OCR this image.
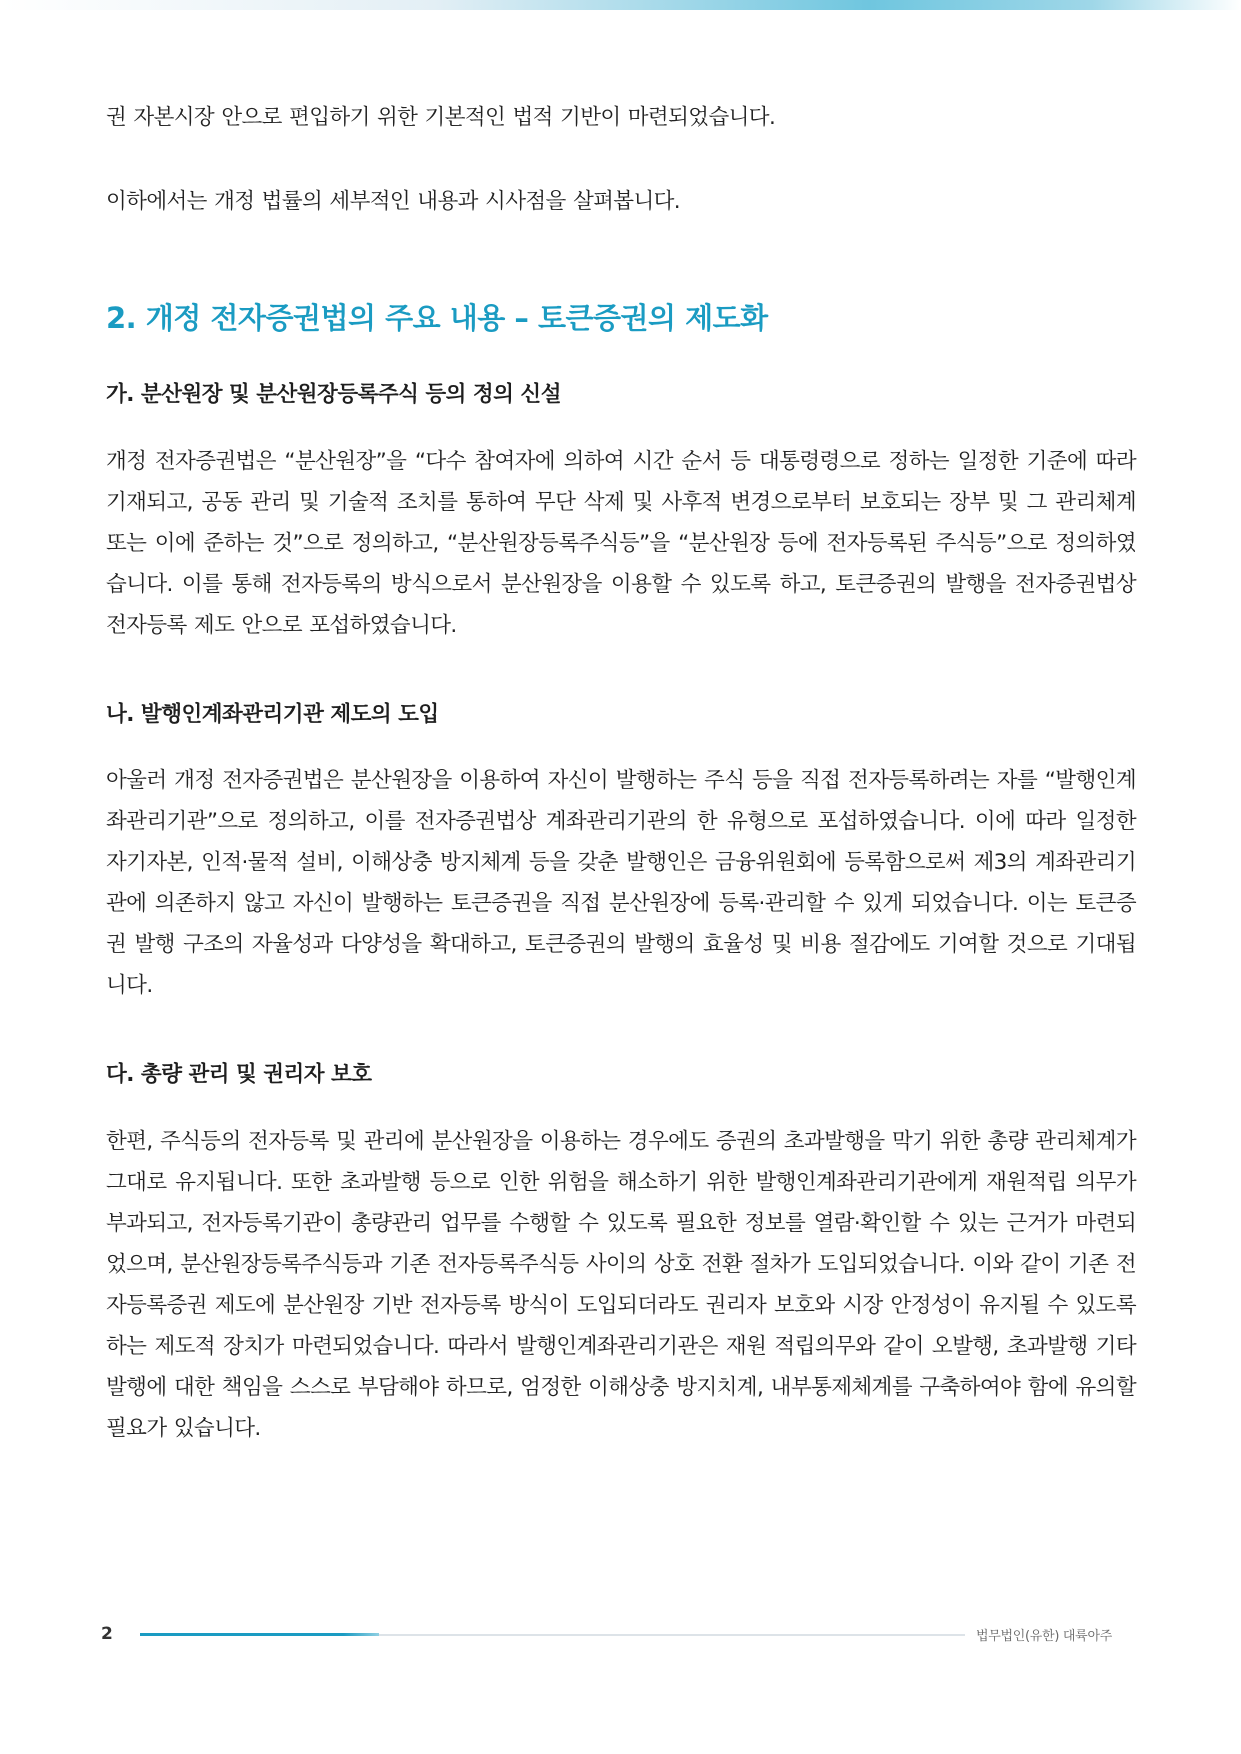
권 자본시장 안으로 편입하기 위한 기본적인 법적 기반이 마련되었습니다.

이하에서는 개정 법률의 세부적인 내용과 시사점을 살펴봅니다.

2. 개정 전자증권법의 주요 내용 – 토큰증권의 제도화
가. 분산원장 및 분산원장등록주식 등의 정의 신설

개정 전자증권법은 “분산원장”을 “다수 참여자에 의하여 시간 순서 등 대통령령으로 정하는 일정한 기준에 따라 기재되고, 공동 관리 및 기술적 조치를 통하여 무단 삭제 및 사후적 변경으로부터 보호되는 장부 및 그 관리체계 또는 이에 준하는 것”으로 정의하고, “분산원장등록주식등”을 “분산원장 등에 전자등록된 주식등”으로 정의하였습니다. 이를 통해 전자등록의 방식으로서 분산원장을 이용할 수 있도록 하고, 토큰증권의 발행을 전자증권법상 전자등록 제도 안으로 포섭하였습니다.

나. 발행인계좌관리기관 제도의 도입

아울러 개정 전자증권법은 분산원장을 이용하여 자신이 발행하는 주식 등을 직접 전자등록하려는 자를 “발행인계좌관리기관”으로 정의하고, 이를 전자증권법상 계좌관리기관의 한 유형으로 포섭하였습니다. 이에 따라 일정한 자기자본, 인적·물적 설비, 이해상충 방지체계 등을 갖춘 발행인은 금융위원회에 등록함으로써 제3의 계좌관리기관에 의존하지 않고 자신이 발행하는 토큰증권을 직접 분산원장에 등록·관리할 수 있게 되었습니다. 이는 토큰증권 발행 구조의 자율성과 다양성을 확대하고, 토큰증권의 발행의 효율성 및 비용 절감에도 기여할 것으로 기대됩니다.

다. 총량 관리 및 권리자 보호

한편, 주식등의 전자등록 및 관리에 분산원장을 이용하는 경우에도 증권의 초과발행을 막기 위한 총량 관리체계가 그대로 유지됩니다. 또한 초과발행 등으로 인한 위험을 해소하기 위한 발행인계좌관리기관에게 재원적립 의무가 부과되고, 전자등록기관이 총량관리 업무를 수행할 수 있도록 필요한 정보를 열람·확인할 수 있는 근거가 마련되었으며, 분산원장등록주식등과 기존 전자등록주식등 사이의 상호 전환 절차가 도입되었습니다. 이와 같이 기존 전자등록증권 제도에 분산원장 기반 전자등록 방식이 도입되더라도 권리자 보호와 시장 안정성이 유지될 수 있도록 하는 제도적 장치가 마련되었습니다. 따라서 발행인계좌관리기관은 재원 적립의무와 같이 오발행, 초과발행 기타 발행에 대한 책임을 스스로 부담해야 하므로, 엄정한 이해상충 방지치계, 내부통제체계를 구축하여야 함에 유의할 필요가 있습니다.

2	법무법인(유한) 대륙아주
